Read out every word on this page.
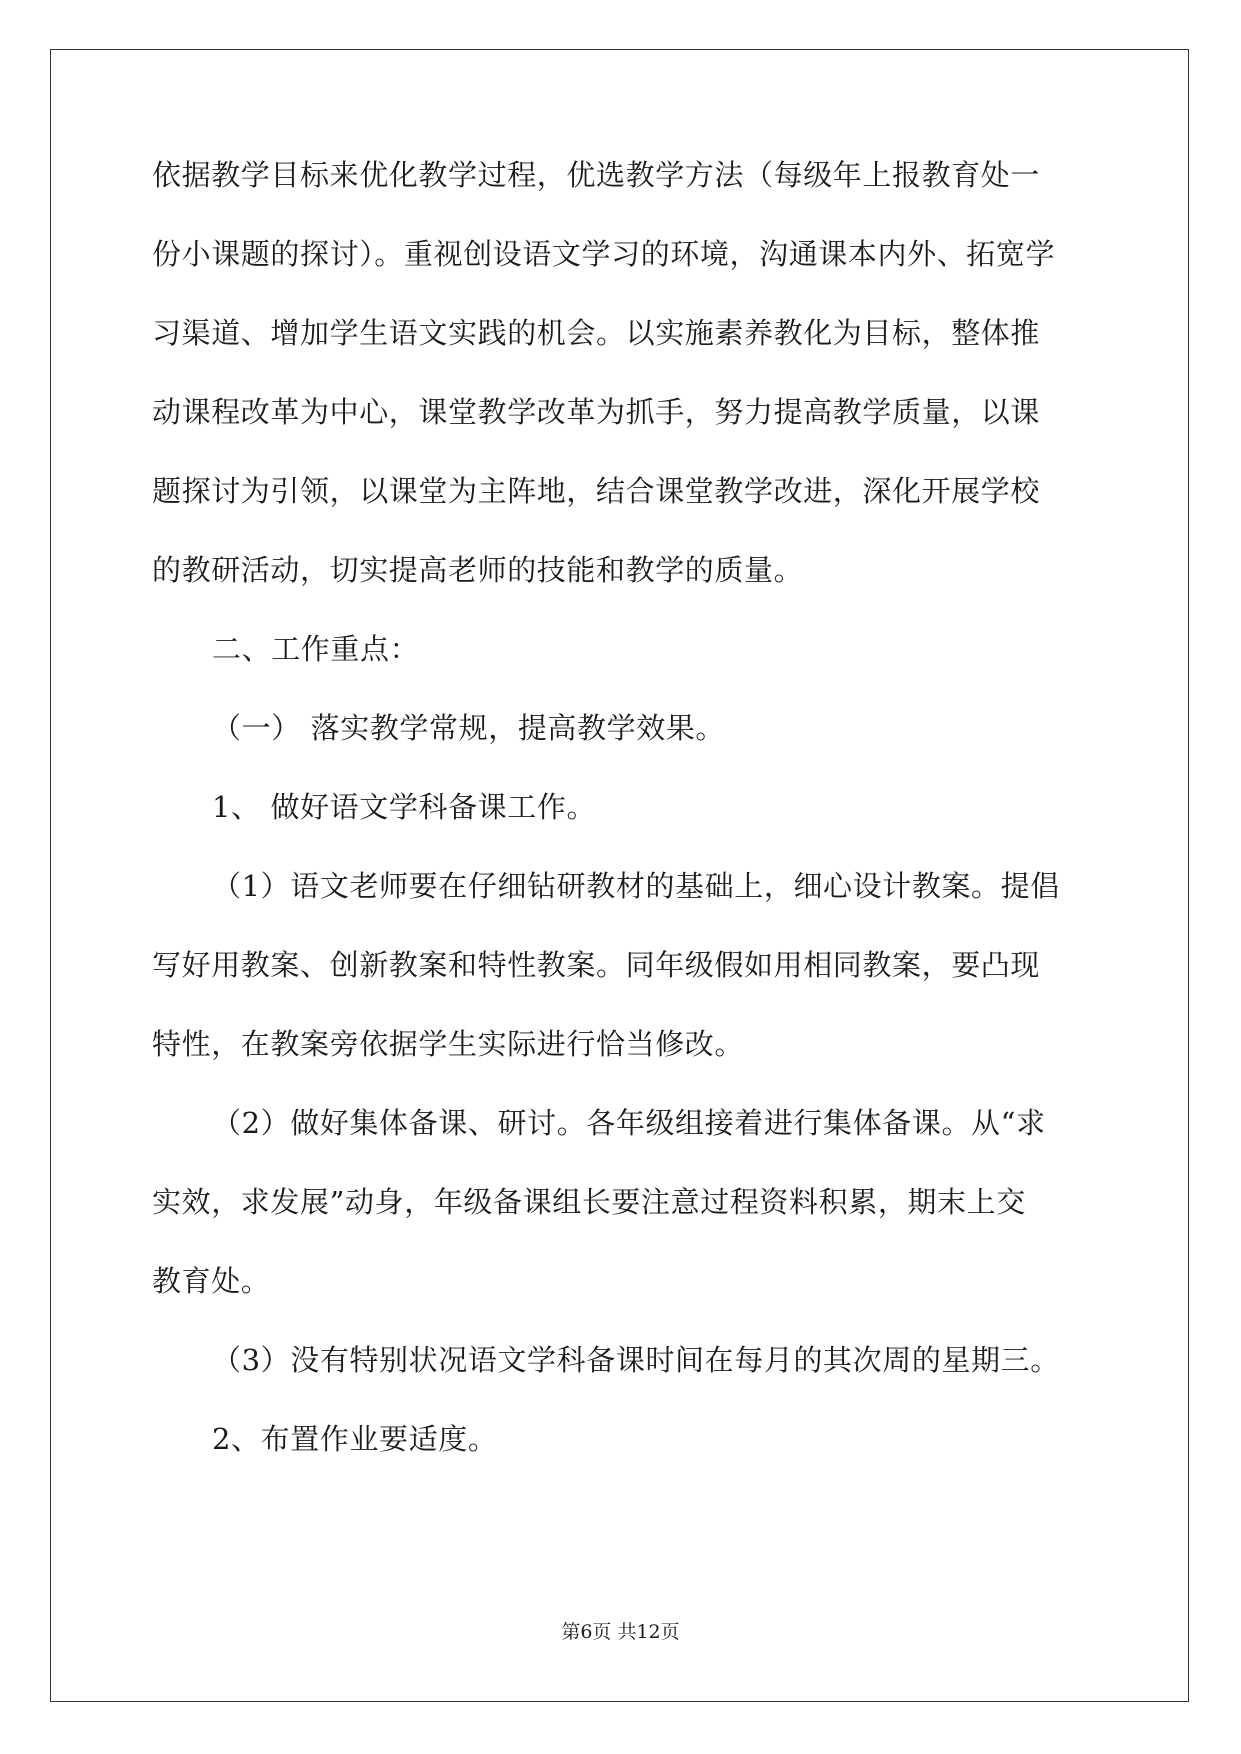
依据教学目标来优化教学过程，优选教学方法（每级年上报教育处一
份小课题的探讨）。重视创设语文学习的环境，沟通课本内外、拓宽学
习渠道、增加学生语文实践的机会。以实施素养教化为目标，整体推
动课程改革为中心，课堂教学改革为抓手，努力提高教学质量，以课
题探讨为引领，以课堂为主阵地，结合课堂教学改进，深化开展学校
的教研活动，切实提高老师的技能和教学的质量。
二、工作重点：
（一） 落实教学常规，提高教学效果。
1、 做好语文学科备课工作。
（1）语文老师要在仔细钻研教材的基础上，细心设计教案。提倡
写好用教案、创新教案和特性教案。同年级假如用相同教案，要凸现
特性，在教案旁依据学生实际进行恰当修改。
（2）做好集体备课、研讨。各年级组接着进行集体备课。从“求
实效，求发展”动身，年级备课组长要注意过程资料积累，期末上交
教育处。
（3）没有特别状况语文学科备课时间在每月的其次周的星期三。
2、布置作业要适度。
第6页 共12页
